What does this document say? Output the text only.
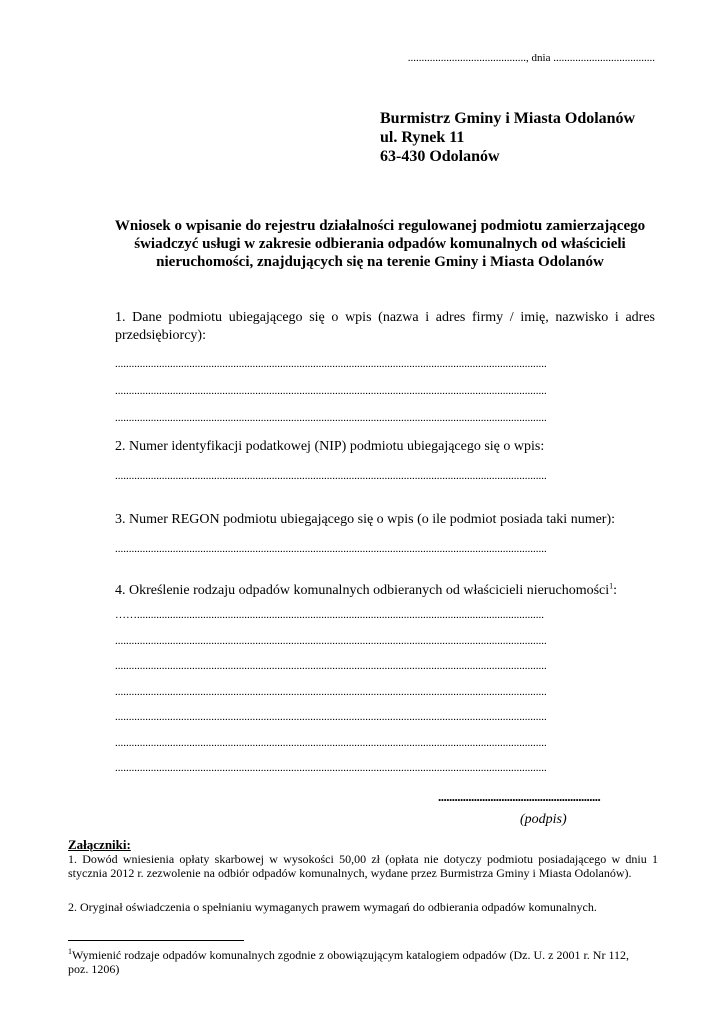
..........................................., dnia .....................................
Burmistrz Gminy i Miasta Odolanów
ul. Rynek 11
63-430 Odolanów
Wniosek o wpisanie do rejestru działalności regulowanej podmiotu zamierzającego
świadczyć usługi w zakresie odbierania odpadów komunalnych od właścicieli
nieruchomości, znajdujących się na terenie Gminy i Miasta Odolanów
1. Dane podmiotu ubiegającego się o wpis (nazwa i adres firmy / imię, nazwisko i adres przedsiębiorcy):
.............................................................................................................................................................
.............................................................................................................................................................
.............................................................................................................................................................
2. Numer identyfikacji podatkowej (NIP) podmiotu ubiegającego się o wpis:
.............................................................................................................................................................
3. Numer REGON podmiotu ubiegającego się o wpis (o ile podmiot posiada taki numer):
.............................................................................................................................................................
4. Określenie rodzaju odpadów komunalnych odbieranych od właścicieli nieruchomości$^1$:
……....................................................................................................................................................
.............................................................................................................................................................
.............................................................................................................................................................
.............................................................................................................................................................
.............................................................................................................................................................
.............................................................................................................................................................
.............................................................................................................................................................
...........................................................
(podpis)
Załączniki:
1. Dowód wniesienia opłaty skarbowej w wysokości 50,00 zł (opłata nie dotyczy podmiotu posiadającego w dniu 1 stycznia 2012 r. zezwolenie na odbiór odpadów komunalnych, wydane przez Burmistrza Gminy i Miasta Odolanów).
2. Oryginał oświadczenia o spełnianiu wymaganych prawem wymagań do odbierania odpadów komunalnych.
$^1$Wymienić rodzaje odpadów komunalnych zgodnie z obowiązującym katalogiem odpadów (Dz. U. z 2001 r. Nr 112, poz. 1206)
